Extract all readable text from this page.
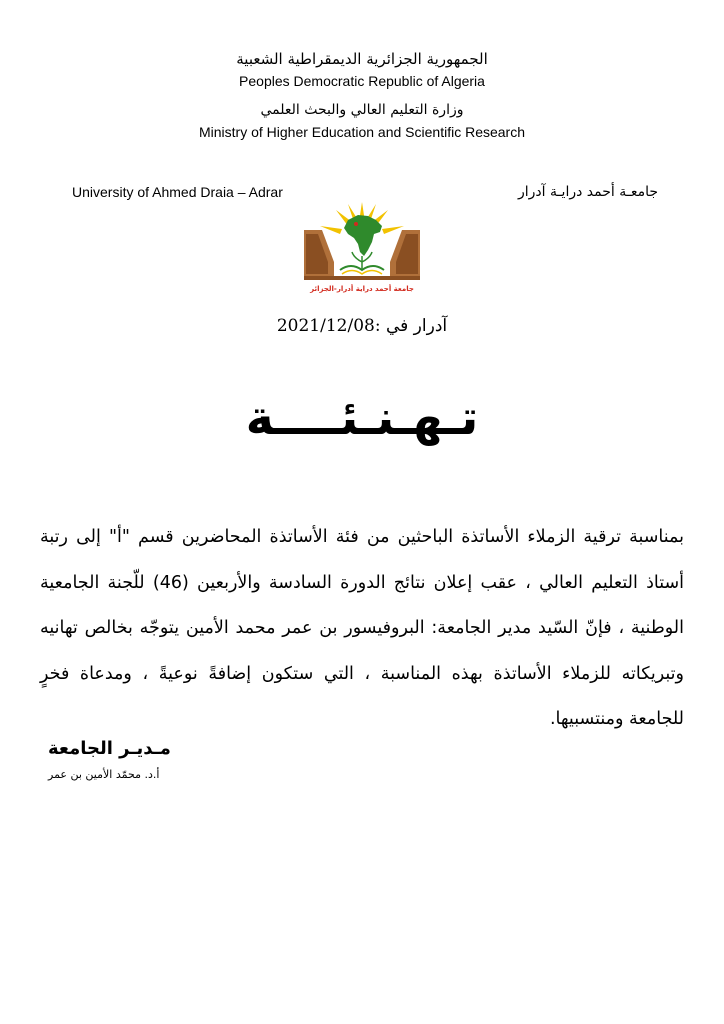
الجمهورية الجزائرية الديمقراطية الشعبية
Peoples Democratic Republic of Algeria
وزارة التعليم العالي والبحث العلمي
Ministry of Higher Education and Scientific Research
University of Ahmed Draia – Adrar	جامعـة أحمد درايـة آدرار
جامعة أحمد دراية أدرار-الجزائر
آدرار في :2021/12/08
تـهـنـئــــة
بمناسبة ترقية الزملاء الأساتذة الباحثين من فئة الأساتذة المحاضرين قسم "أ" إلى رتبة أستاذ التعليم العالي ، عقب إعلان نتائج الدورة السادسة والأربعين (46) للّجنة الجامعية الوطنية ، فإنّ السّيد مدير الجامعة: البروفيسور بن عمر محمد الأمين يتوجّه بخالص تهانيه وتبريكاته للزملاء الأساتذة بهذه المناسبة ، التي ستكون إضافةً نوعيةً ، ومدعاة فخرٍ للجامعة ومنتسبيها.
مـديـر الجامعة
أ.د. محمّد الأمين بن عمر
